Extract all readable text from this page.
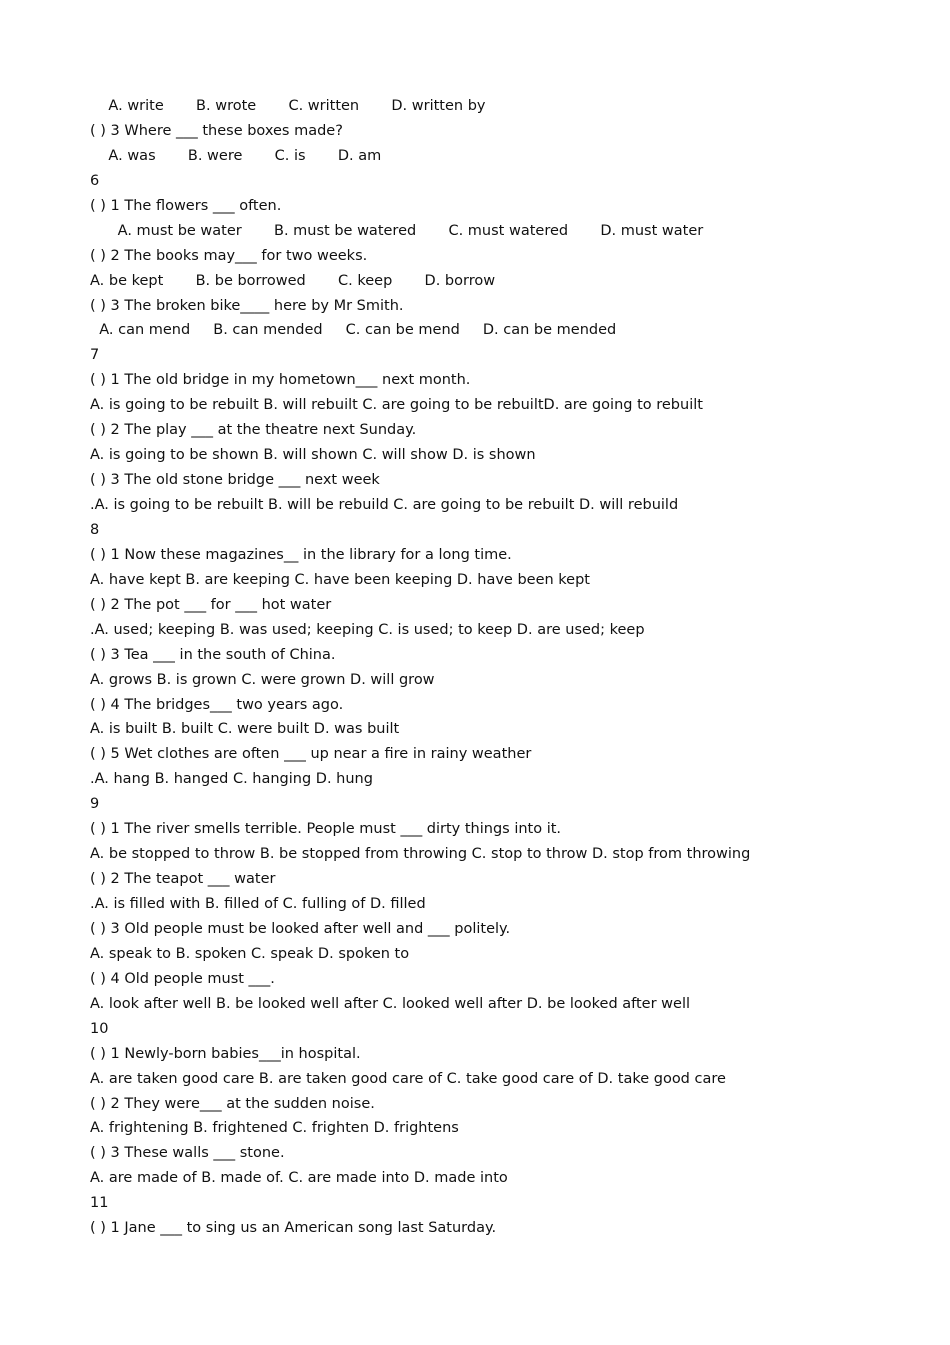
A. write       B. wrote       C. written       D. written by
( ) 3 Where ___ these boxes made?
A. was       B. were       C. is       D. am
6
( ) 1 The flowers ___ often.
A. must be water       B. must be watered       C. must watered       D. must water
( ) 2 The books may___ for two weeks.
A. be kept       B. be borrowed       C. keep       D. borrow
( ) 3 The broken bike____ here by Mr Smith.
A. can mend     B. can mended     C. can be mend     D. can be mended
7
( ) 1 The old bridge in my hometown___ next month.
A. is going to be rebuilt B. will rebuilt C. are going to be rebuiltD. are going to rebuilt
( ) 2 The play ___ at the theatre next Sunday.
A. is going to be shown B. will shown C. will show D. is shown
( ) 3 The old stone bridge ___ next week
.A. is going to be rebuilt B. will be rebuild C. are going to be rebuilt D. will rebuild
8
( ) 1 Now these magazines__ in the library for a long time.
A. have kept B. are keeping C. have been keeping D. have been kept
( ) 2 The pot ___ for ___ hot water
.A. used; keeping B. was used; keeping C. is used; to keep D. are used; keep
( ) 3 Tea ___ in the south of China.
A. grows B. is grown C. were grown D. will grow
( ) 4 The bridges___ two years ago.
A. is built B. built C. were built D. was built
( ) 5 Wet clothes are often ___ up near a fire in rainy weather
.A. hang B. hanged C. hanging D. hung
9
( ) 1 The river smells terrible. People must ___ dirty things into it.
A. be stopped to throw B. be stopped from throwing C. stop to throw D. stop from throwing
( ) 2 The teapot ___ water
.A. is filled with B. filled of C. fulling of D. filled
( ) 3 Old people must be looked after well and ___ politely.
A. speak to B. spoken C. speak D. spoken to
( ) 4 Old people must ___.
A. look after well B. be looked well after C. looked well after D. be looked after well
10
( ) 1 Newly-born babies___in hospital.
A. are taken good care B. are taken good care of C. take good care of D. take good care
( ) 2 They were___ at the sudden noise.
A. frightening B. frightened C. frighten D. frightens
( ) 3 These walls ___ stone.
A. are made of B. made of. C. are made into D. made into
11
( ) 1 Jane ___ to sing us an American song last Saturday.
